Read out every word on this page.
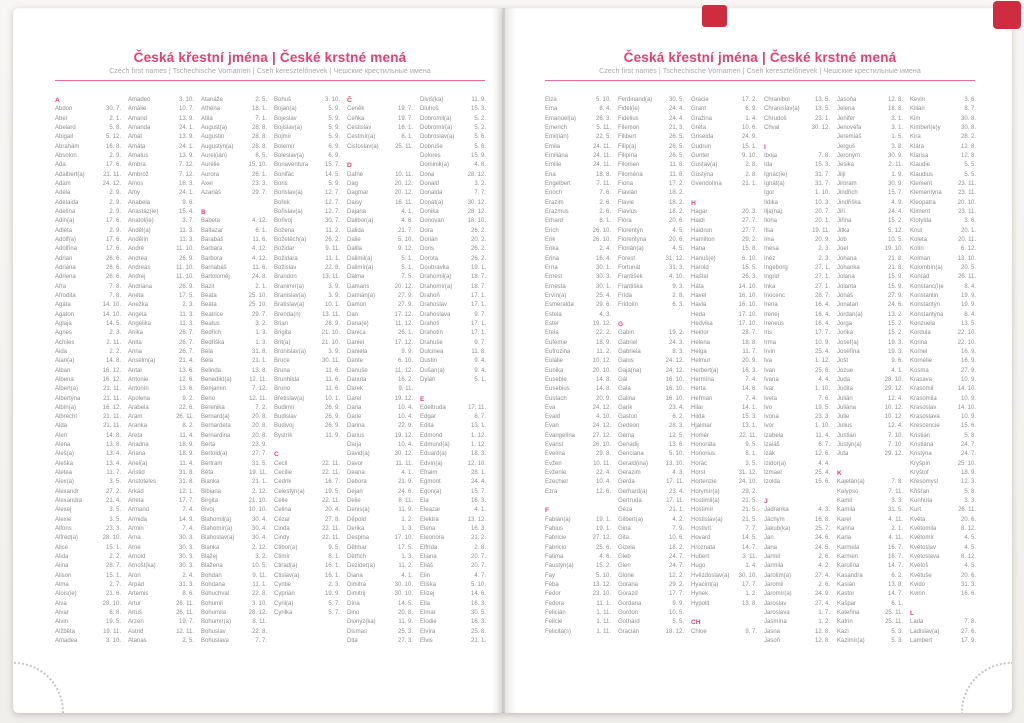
Česká křestní jména | České krstné mená
Czech first names | Tschechische Vornamen | Cseh keresztelőnevek | Чешские крестильные имена
A
Abdon	30. 7.
Ábel	2. 1.
Abelard	5. 8.
Abigail	5. 12.
Abrahám	16. 8.
Absolon	2. 9.
Ada	17. 6.
Adalbert(a)	21. 11.
Adam	24. 12.
Adéla	2. 9.
Adelaida	2. 9.
Adelína	2. 9.
Adin(a)	17. 6.
Adléta	2. 9.
Adolf(a)	17. 6.
Adolfína	17. 6.
Adrian	26. 6.
Adriána	26. 6.
Adriena	26. 6.
Afra	7. 8.
Afrodita	7. 8.
Agáta	14. 10.
Agaton	14. 10.
Aglaja	14. 5.
Agnes	2. 3.
Achiles	2. 11.
Aida	2. 2.
Alan(a)	14. 8.
Alban	16. 12.
Albena	16. 12.
Albert(a)	21. 11.
Albertýna	21. 11.
Albín(a)	16. 12.
Albrecht	21. 11.
Alda	21. 11.
Alen	14. 8.
Alena	13. 8.
Aleš(a)	13. 4.
Aleška	13. 4.
Aletea	11. 7.
Alex(a)	3. 5.
Alexandr	27. 2.
Alexandra	21. 4.
Alexej	3. 5.
Alexie	3. 5.
Alfons	23. 3.
Alfréd(a)	28. 10.
Alice	15. 1.
Alida	2. 2.
Alina	28. 7.
Alison	15. 1.
Alma	2. 7.
Alois(ie)	21. 6.
Alva	28. 10.
Alvar	8. 8.
Alvin	19. 5.
Alžběta	19. 11.
Amadea	3. 10.
Amadeo	3. 10.
Amálie	10. 7.
Amand	13. 9.
Amanda	24. 1.
Amát	13. 9.
Amáta	24. 1.
Amatus	13. 9.
Ambra	7. 12.
Ambrož	7. 12.
Ámos	16. 3.
Amy	24. 1.
Anabela	9. 6.
Anastáz(ie)	15. 4.
Anatol(ie)	3. 7.
Anděl(a)	11. 3.
Andělín	11. 3.
André	11. 10.
Andrea	26. 9.
Andreas	11. 10.
Andrej	11. 10.
Andriana	26. 9.
Aneta	17. 5.
Anežka	2. 3.
Angela	11. 3.
Angelika	11. 3.
Anika	26. 7.
Anita	26. 7.
Anna	26. 7.
Anselm(a)	21. 4.
Antal	13. 6.
Antonie	12. 6.
Antonín	13. 6.
Apolena	9. 2.
Arabela	22. 6.
Aram	26. 11.
Aranka	8. 2.
Areta	11. 4.
Ariadna	18. 9.
Ariana	18. 9.
Ariel(a)	11. 4.
Aristid	31. 8.
Aristoteles	31. 8.
Arkád	12. 1.
Arleta	17. 7.
Armand	7. 4.
Armida	14. 9.
Armin	7. 4.
Arna	30. 3.
Arne	30. 3.
Arnold	30. 3.
Arnošt(ka)	30. 3.
Áron	2. 4.
Arpád	31. 3.
Artemis	8. 6.
Artur	26. 11.
Artuš	26. 11.
Arzen	19. 7.
Astrid	12. 11.
Atanas	2. 5.
Atanáže	2. 5.
Athéna	18. 1.
Atila	7. 1.
August(a)	28. 8.
Augustin	28. 8.
Augustýn(a)	28. 8.
Aurel(ián)	8. 5.
Aurélie	15. 10.
Aurora	26. 1.
Axel	23. 3.
Azariáš	29. 7.
B
Babeta	4. 12.
Baltazar	6. 1.
Barabáš	11. 6.
Barbara	4. 12.
Barbora	4. 12.
Barnabáš	11. 6.
Bartoloměj	24. 8.
Bazil	2. 1.
Beata	25. 10.
Beáta	25. 10.
Beatrice	29. 7.
Beatus	3. 2.
Bedřich	1. 3.
Bedřiška	1. 3.
Bela	31. 8.
Béla	21. 1.
Belinda	13. 8.
Benedikt(a)	12. 11.
Benjamin	7. 12.
Beno	12. 11.
Berenika	7. 2.
Bernard(a)	20. 8.
Bernardeta	20. 8.
Bernardina	20. 8.
Berta	23. 9.
Bertold(a)	27. 7.
Bertram	31. 5.
Běta	19. 11.
Bianka	21. 1.
Bibiana	2. 12.
Birgita	21. 10.
Bivoj	10. 10.
Blahomil(a)	30. 4.
Blahomír(a)	30. 4.
Blahoslav(a)	30. 4.
Blanka	2. 12.
Blažej	3. 2.
Blažena	10. 5.
Bohdan	9. 11.
Bohdana	11. 1.
Bohuchval	22. 8.
Bohumil	3. 10.
Bohumila	28. 12.
Bohumír(a)	8. 11.
Bohuslav	22. 8.
Bohuslava	7. 7.
Bohuš	3. 10.
Bojan(a)	5. 9.
Bojeslav	5. 9.
Bojislav(a)	5. 9.
Bojmír	5. 9.
Bolemír	6. 9.
Boleslav(a)	6. 9.
Bonaventura	15. 7.
Bonifác	14. 5.
Boris	5. 9.
Borislav(a)	12. 7.
Bořek	12. 7.
Bořislav(a)	12. 7.
Bořivoj	30. 7.
Božena	11. 2.
Božetěch(a)	26. 2.
Božidar	9. 11.
Božidara	11. 1.
Božislav	22. 8.
Brandon	13. 11.
Branimír(a)	3. 9.
Branislav(a)	3. 9.
Bratislav(a)	10. 1.
Brenda(n)	13. 11.
Brian	28. 9.
Brigita	21. 10.
Brit(a)	21. 10.
Bronislav(a)	3. 9.
Bruce	30. 11.
Bruna	11. 6.
Brunhilda	11. 6.
Bruno	11. 6.
Břetislav(a)	10. 1.
Budimír	26. 9.
Budislav	26. 9.
Budivoj	26. 9.
Bystrík	11. 9.
C
Cecil	22. 11.
Cecilie	22. 11.
Cedrik	16. 7.
Celestýn(a)	19. 5.
Celie	22. 11.
Celina	20. 4.
Cézar	27. 8.
Cinda	22. 11.
Cindy	22. 11.
Ctibor(a)	9. 5.
Ctimír	8. 1.
Ctirad(a)	16. 1.
Ctislav(a)	16. 1.
Cyntie	2. 3.
Cyprián	19. 9.
Cyril(a)	5. 7.
Cyrilka	5. 7.
Č
Čeněk	19. 7.
Čeňka	19. 7.
Čestislav	16. 1.
Čestmír(a)	8. 1.
Čistoslav(a)	25. 11.
D
Dafné	10. 11.
Dag	20. 12.
Dagmar	20. 12.
Daisy	16. 11.
Dajana	4. 1.
Dalibor(a)	4. 6.
Dalida	21. 7.
Dalie	5. 10.
Dalila	9. 12.
Dalimil(a)	5. 1.
Dalimír(a)	5. 1.
Dalma	7. 5.
Damaris	20. 12.
Damián(a)	27. 9.
Damon	27. 9.
Dan	17. 12.
Dana(e)	11. 12.
Danica	26. 1.
Daniel	17. 12.
Daniela	9. 9.
Dante	6. 10.
Danuše	11. 12.
Danuta	16. 2.
Darek	9. 11.
Darel	19. 12.
Daria	10. 4.
Darie	10. 4.
Darina	22. 9.
Darius	19. 12.
Darja	10. 4.
David(a)	30. 12.
Davor	11. 11.
Deana	4. 1.
Debora	21. 9.
Dejan	24. 6.
Delie	8. 11.
Denis(a)	11. 9.
Děpold	1. 2.
Derika	1. 3.
Despina	17. 10.
Dětmar	17. 5.
Dětřich	1. 3.
Dezider(a)	11. 2.
Diana	4. 1.
Dimitra	30. 10.
Dimitrij	30. 10.
Dína	14. 5.
Dino	20. 8.
Dionýz(ka)	11. 9.
Dismas	25. 3.
Dita	27. 3.
Diviš(ka)	11. 9.
Dluhoš	15. 3.
Dobromil(a)	5. 2.
Dobromír(a)	5. 2.
Dobroslav(a)	5. 6.
Dobruše	5. 6.
Dolores	15. 9.
Dominik(a)	4. 8.
Dona	28. 12.
Donald	3. 2.
Donalda	7. 7.
Donát(a)	30. 12.
Donika	28. 12.
Donovan	18. 10.
Dora	26. 2.
Dorián	20. 2.
Doris	26. 2.
Dorota	26. 2.
Doubravka	19. 1.
Drahomil(a)	18. 7.
Drahomír(a)	18. 7.
Drahoň	17. 1.
Drahoslav	17. 1.
Drahoslava	9. 7.
Drahoš	17. 1.
Drahotín	17. 1.
Drahuše	9. 7.
Dulcinea	11. 8.
Dustin	9. 4.
Dušan(a)	9. 4.
Dylan	5. 1.
E
Edeltruda	17. 11.
Edgar	8. 7.
Edita	13. 1.
Edmond	1. 12.
Edmund(a)	1. 12.
Eduard(a)	18. 3.
Edvín(a)	12. 10.
Efraim	28. 1.
Egmont	24. 4.
Egon(a)	15. 7.
Ela	16. 3.
Eleazar	4. 1.
Elektra	13. 12.
Elena	16. 3.
Eleonora	21. 2.
Elfrída	2. 8.
Eliana	20. 7.
Eliáš	20. 7.
Elin	4. 7.
Eliška	5. 10.
Elizej	14. 6.
Ella	16. 3.
Elmar	30. 5.
Elodie	16. 3.
Elvíra	25. 8.
Elvis	21. 1.
Česká křestní jména | České krstné mená
Czech first names | Tschechische Vornamen | Cseh keresztelőnevek | Чешские крестильные имена
Elza	5. 10.
Ema	8. 4.
Emanuel(a)	26. 3.
Emerich	5. 11.
Emil(ián)	22. 5.
Emila	24. 11.
Emiliána	24. 11.
Emilie	24. 11.
Ena	18. 8.
Engelbert	7. 11.
Enoch	7. 6.
Erazim	2. 6.
Erazmus	2. 6.
Erhard	8. 1.
Erich	26. 10.
Erik	26. 10.
Erika	2. 4.
Erina	16. 4.
Erna	30. 1.
Ernest	30. 3.
Ernesta	30. 1.
Ervín(a)	25. 4.
Esmeralda	29. 6.
Estela	4. 3.
Ester	19. 12.
Etela	22. 2.
Eufémie	18. 9.
Eufrozina	11. 2.
Eulálie	10. 12.
Eunika	20. 10.
Eusebie	14. 8.
Eusebius	14. 8.
Eustach	20. 9.
Eva	24. 12.
Evald	4. 10.
Evan	24. 12.
Evangelína	27. 12.
Evarist	26. 10.
Evelína	29. 8.
Evžen	10. 11.
Evženie	22. 4.
Ezechiel	10. 4.
Ezra	12. 6.
F
Fabián(a)	19. 1.
Fabius	19. 1.
Fabricie	27. 12.
Fabricio	25. 6.
Fatima	4. 6.
Faustýn(a)	15. 2.
Fay	5. 10.
Féba	13. 12.
Fedor	23. 10.
Fedora	11. 1.
Felicián	1. 11.
Felicie	1. 11.
Felicita(s)	1. 11.
Ferdinand(a)	30. 5.
Fidel(ie)	24. 4.
Fidelius	24. 4.
Filemon	21. 3.
Filibert	26. 5.
Filip(a)	26. 5.
Filipína	26. 5.
Filomen	11. 8.
Filoména	11. 8.
Fiona	17. 2.
Flavián	18. 2.
Flavie	18. 2.
Flavius	18. 2.
Flóra	20. 6.
Florentýn	4. 5.
Florentýna	20. 6.
Florián(a)	4. 5.
Forest	31. 12.
Fortunát	31. 3.
František	4. 10.
Františka	9. 3.
Frída	2. 8.
Fridolín	6. 3.
G
Gabin	19. 2.
Gabriel	24. 3.
Gabriela	8. 3.
Gaius	24. 12.
Gaja(na)	24. 12.
Gál	16. 10.
Gala	16. 10.
Galina	16. 10.
Garik	23. 4.
Gaston	6. 2.
Gedeon	28. 3.
Gema	12. 5.
Genadij	13. 6.
Genciana	5. 10.
Gerald(ina)	13. 10.
Gerazim	4. 3.
Gerda	17. 11.
Gerhard(a)	23. 4.
Gertruda	17. 11.
Géza	21. 1.
Gilbert(a)	4. 2.
Gina	7. 9.
Gita	10. 6.
Gizela	18. 2.
Gleb	24. 7.
Glen	24. 7.
Glorie	12. 2.
Gorana	29. 2.
Gorazd	17. 7.
Gordana	9. 9.
Gordon	10. 5.
Gothard	5. 5.
Gracián	18. 12.
Grácie	17. 2.
Grant	6. 9.
Gražina	1. 4.
Gréta	10. 6.
Griselda	24. 9.
Gudrun	15. 1.
Gunter	9. 10.
Gustav(a)	2. 8.
Gustýna	2. 8.
Gvendolína	21. 1.
H
Hagar	20. 3.
Haidi	27. 7.
Haidrun	27. 7.
Hamilton	29. 2.
Hana	15. 8.
Hanuš(e)	6. 10.
Harold	15. 5.
Haštal	26. 3.
Háta	14. 10.
Havel	16. 10.
Havla	16. 10.
Heda	17. 10.
Hedvika	17. 10.
Hektor	28. 7.
Helena	18. 8.
Helga	11. 7.
Helmut	20. 9.
Herbert(a)	16. 3.
Hermína	7. 4.
Herta	14. 6.
Heřman	7. 4.
Hilar	14. 1.
Hilda	15. 3.
Hjalmar	13. 1.
Homér	22. 11.
Honoráta	9. 5.
Honorius	8. 1.
Horác	3. 5.
Horst	31. 12.
Hortenzie	24. 10.
Horymír(a)	29. 2.
Hostimil(a)	21. 5.
Hostimír	21. 5.
Hostislav(a)	21. 5.
Hostivít	7. 7.
Hovard	14. 5.
Hroznata	14. 7.
Hubert	3. 11.
Hugo	1. 4.
Hvězdoslav(a)	30. 10.
Hyacint(a)	17. 7.
Hynek	1. 2.
Hypolit	13. 8.
CH
Chloe	9. 7.
Chranibor	13. 5.
Chranislav(a)	13. 5.
Chrudoš	23. 1.
Chval	30. 12.
I
Iboja	7. 8.
Ida	15. 3.
Ignác(ie)	31. 7.
Ignát(a)	31. 7.
Igor	1. 10.
Ildika	10. 3.
Ilja(na)	20. 7.
Ilona	20. 1.
Ilsa	19. 11.
Ima	20. 9.
Inesa	2. 3.
Inéz	2. 3.
Ingeborg	27. 1.
Ingrid	27. 1.
Inka	27. 1.
Inocenc	28. 7.
Irena	16. 4.
Irenej	16. 4.
Ireneus	16. 4.
Iris	17. 7.
Irma	10. 9.
Irvin	25. 4.
Iva	1. 12.
Ivan	25. 6.
Ivana	4. 4.
Ivar	1. 10.
Iveta	7. 6.
Ivo	19. 5.
Ivona	23. 3.
Ivor	1. 10.
Izabela	11. 4.
Izaiáš	6. 7.
Izák	12. 6.
Izidor(a)	4. 4.
Izmael	25. 4.
Izolda	15. 6.
J
Jadranka	4. 3.
Jáchym	16. 8.
Jakub(ka)	25. 7.
Jan	24. 6.
Jana	24. 5.
Jarmil	2. 6.
Jarmila	4. 2.
Jarolím(a)	27. 4.
Jaromil	2. 6.
Jaromír(a)	24. 9.
Jaroslav	27. 4.
Jaroslava	1. 7.
Jasmína	1. 2.
Jasna	12. 8.
Jasoň	12. 8.
Jasoňa	12. 8.
Jelena	18. 8.
Jenifer	3. 1.
Jenovéfa	3. 1.
Jeremiáš	1. 5.
Jerguš	3. 8.
Jeroným	30. 9.
Jesika	2. 11.
Jiljí	1. 9.
Jimram	30. 9.
Jindřich	15. 7.
Jindřiška	4. 9.
Jiří	24. 4.
Jiřina	15. 2.
Jitka	5. 12.
Job	10. 5.
Joel	19. 10.
Johana	21. 8.
Johanka	21. 8.
Jolana	15. 9.
Jolanta	15. 9.
Jonáš	27. 9.
Jonatan	24. 6.
Jordan(a)	13. 2.
Jorga	15. 2.
Jorika	15. 2.
Josef(a)	19. 3.
Josefína	19. 3.
Jošt	9. 6.
Jozue	4. 1.
Juda	28. 10.
Judita	29. 12.
Julián	12. 4.
Juliána	10. 12.
Julie	10. 12.
Julius	12. 4.
Justián	7. 10.
Justýn(a)	7. 10.
Juta	29. 12.
K
Kajetán(a)	7. 8.
Kalypso	7. 11.
Kamil	3. 3.
Kamila	31. 5.
Karel	4. 11.
Karina	2. 1.
Karla	4. 11.
Karmela	16. 7.
Karmen	16. 7.
Karolína	14. 7.
Kasandra	6. 2.
Kasián	13. 8.
Kastor	14. 7.
Kašpar	6. 1.
Kateřina	25. 11.
Katrin	25. 11.
Kazi	5. 3.
Kazimír(a)	5. 3.
Kevin	3. 6.
Kilián	8. 7.
Kim	30. 8.
Kimberl(e)y	30. 8.
Kira	28. 2.
Klára	12. 8.
Klarisa	12. 8.
Klaudie	5. 5.
Klaudius	5. 5.
Klement	23. 11.
Klementýna	23. 11.
Kleopatra	20. 10.
Kliment	23. 11.
Klotylda	3. 6.
Knut	20. 1.
Koleta	20. 11.
Kolín	6. 12.
Kolman	13. 10.
Kolombín(a)	20. 5.
Konrád	26. 11.
Konstanc(i)e	8. 4.
Konstantin	19. 9.
Konstantýn	19. 9.
Konstantýna	8. 4.
Konzuela	13. 5.
Kordula	22. 10.
Korina	22. 10.
Kornel	16. 9.
Kornélie	16. 9.
Kosma	27. 9.
Krasava	10. 9.
Krasomil	14. 10.
Krasomila	10. 9.
Krasoslav	14. 10.
Krasoslava	10. 9.
Krescencie	15. 6.
Kristián	5. 8.
Kristiána	24. 7.
Kristýna	24. 7.
Kryšpín	25. 10.
Kryštof	18. 9.
Křesomysl	12. 3.
Křišťan	5. 8.
Kunhuta	3. 3.
Kurt	26. 11.
Květa	20. 6.
Květomila	8. 12.
Květomír	4. 5.
Květoslav	4. 5.
Květoslava	8. 12.
Květoš	4. 5.
Květuše	20. 6.
Kvido	31. 3.
Kvirin	16. 6.
L
Lada	7. 8.
Ladislav(a)	27. 6.
Lambert	17. 9.
